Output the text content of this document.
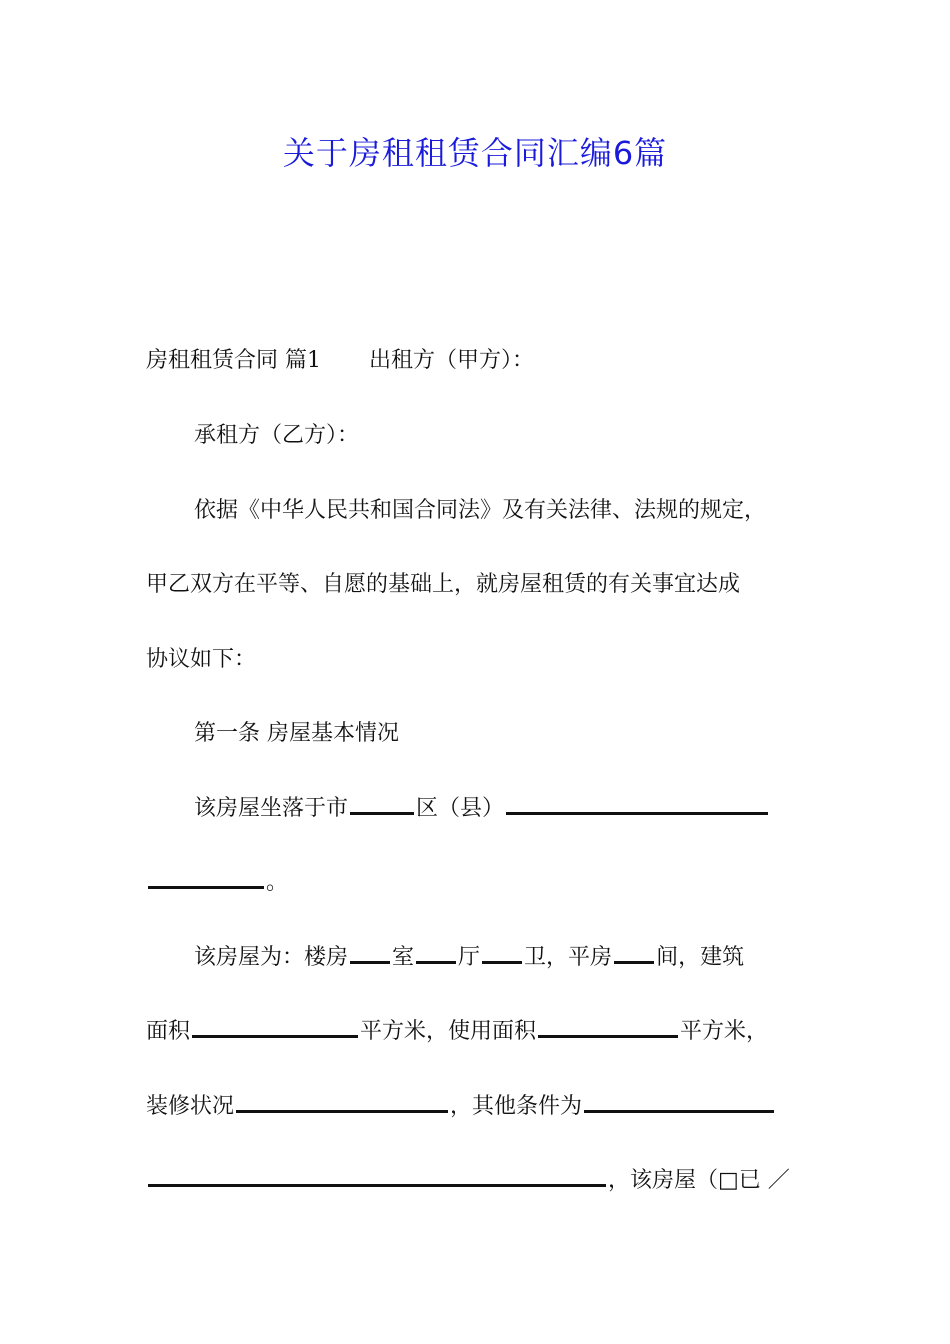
关于房租租赁合同汇编6篇
房租租赁合同 篇1 出租方（甲方）：
承租方（乙方）：
依据《中华人民共和国合同法》及有关法律、法规的规定，
甲乙双方在平等、自愿的基础上，就房屋租赁的有关事宜达成
协议如下：
第一条 房屋基本情况
该房屋坐落于市	区（县）
。
该房屋为：楼房 室 厅 卫，平房 间，建筑
面积	平方米，使用面积	平方米，
装修状况	，其他条件为
，该房屋（□已 ／
